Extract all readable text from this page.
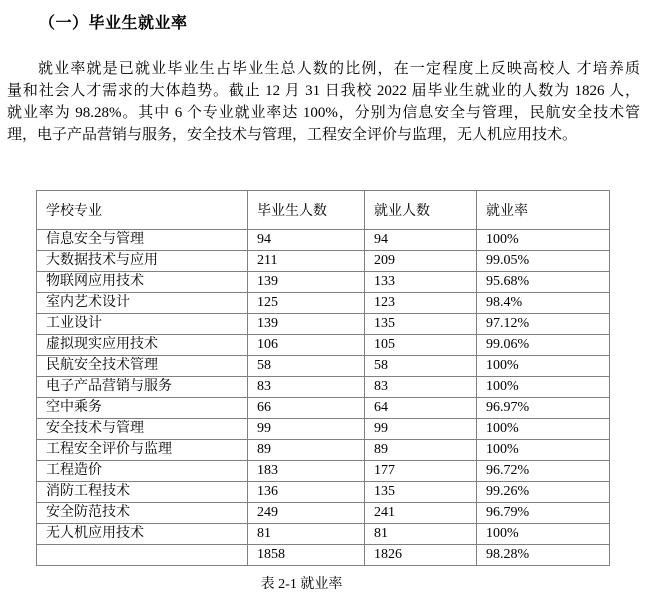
（一）毕业生就业率
就业率就是已就业毕业生占毕业生总人数的比例，在一定程度上反映高校人 才培养质
量和社会人才需求的大体趋势。截止 12 月 31 日我校 2022 届毕业生就业的人数为 1826 人，
就业率为 98.28%。其中 6 个专业就业率达 100%，分别为信息安全与管理，民航安全技术管
理，电子产品营销与服务，安全技术与管理，工程安全评价与监理，无人机应用技术。
学校专业	毕业生人数	就业人数	就业率
信息安全与管理	94	94	100%
大数据技术与应用	211	209	99.05%
物联网应用技术	139	133	95.68%
室内艺术设计	125	123	98.4%
工业设计	139	135	97.12%
虚拟现实应用技术	106	105	99.06%
民航安全技术管理	58	58	100%
电子产品营销与服务	83	83	100%
空中乘务	66	64	96.97%
安全技术与管理	99	99	100%
工程安全评价与监理	89	89	100%
工程造价	183	177	96.72%
消防工程技术	136	135	99.26%
安全防范技术	249	241	96.79%
无人机应用技术	81	81	100%
	1858	1826	98.28%
表 2-1 就业率
